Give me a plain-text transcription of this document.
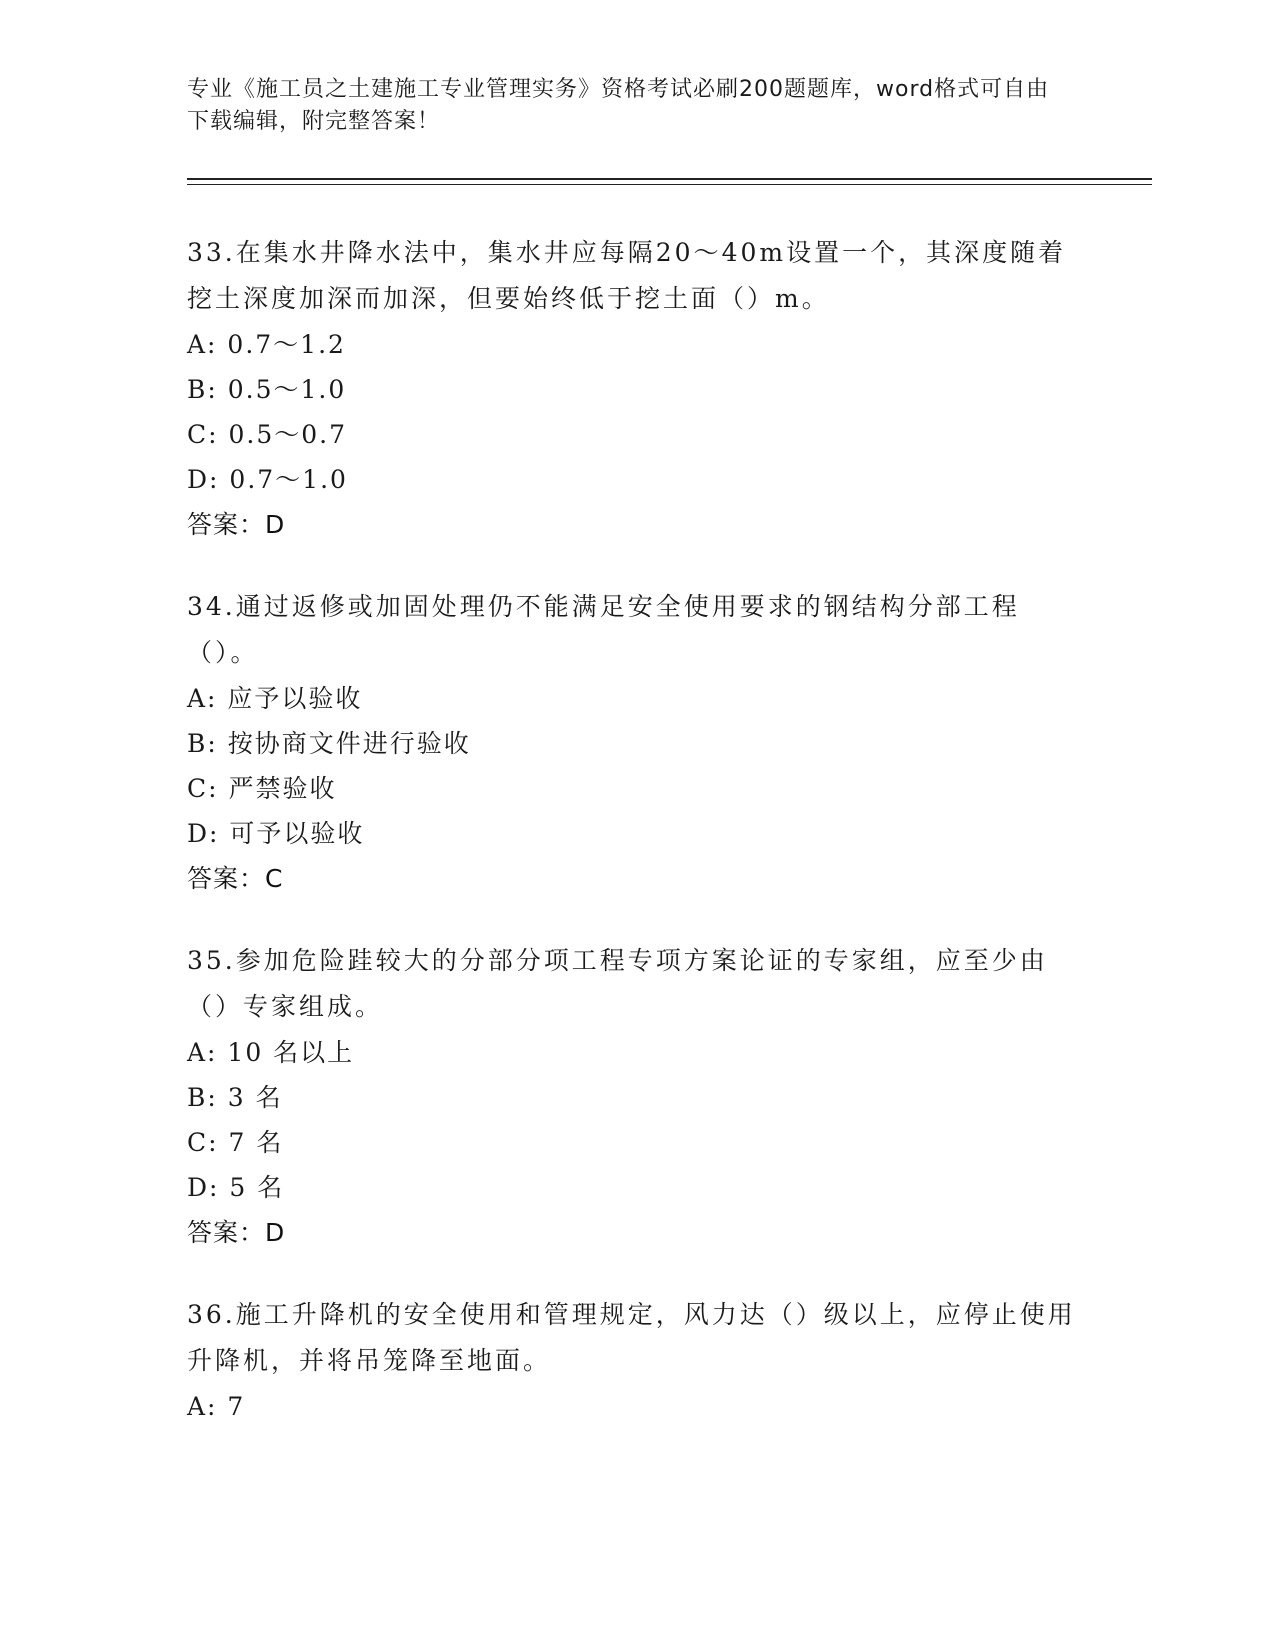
专业《施工员之土建施工专业管理实务》资格考试必刷200题题库，word格式可自由下载编辑，附完整答案！

33.在集水井降水法中，集水井应每隔20～40m设置一个，其深度随着挖土深度加深而加深，但要始终低于挖土面（）m。

A: 0.7～1.2

B: 0.5～1.0

C: 0.5～0.7

D: 0.7～1.0

答案：D

34.通过返修或加固处理仍不能满足安全使用要求的钢结构分部工程（）。

A: 应予以验收

B: 按协商文件进行验收

C: 严禁验收

D: 可予以验收

答案：C

35.参加危险跬较大的分部分项工程专项方案论证的专家组，应至少由（）专家组成。

A: 10 名以上

B: 3 名

C: 7 名

D: 5 名

答案：D

36.施工升降机的安全使用和管理规定，风力达（）级以上，应停止使用升降机，并将吊笼降至地面。

A: 7
